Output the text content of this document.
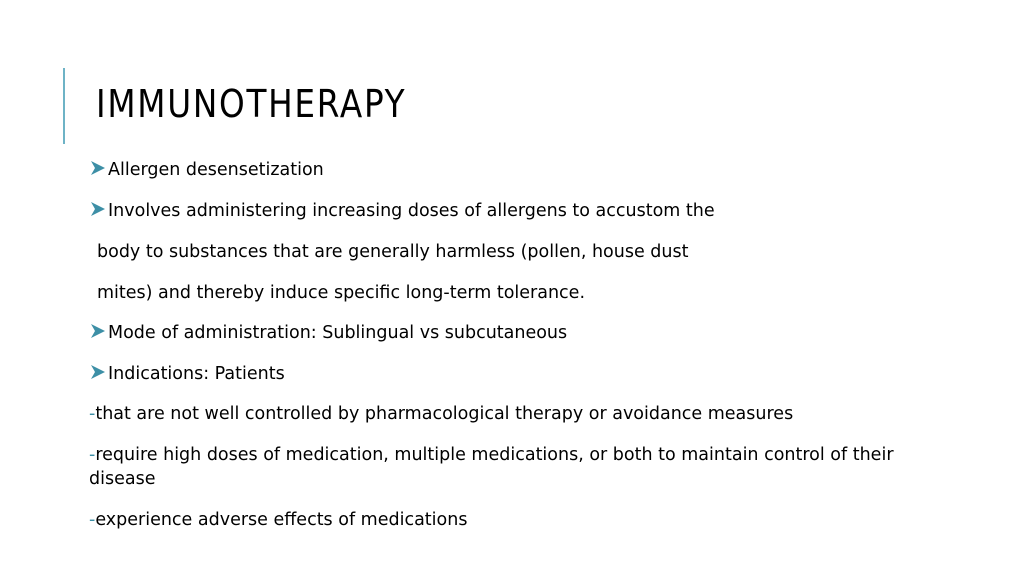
IMMUNOTHERAPY
Allergen desensetization
Involves administering increasing doses of allergens to accustom the
body to substances that are generally harmless (pollen, house dust
mites) and thereby induce specific long-term tolerance.
Mode of administration: Sublingual vs subcutaneous
Indications: Patients
-that are not well controlled by pharmacological therapy or avoidance measures
-require high doses of medication, multiple medications, or both to maintain control of their disease
-experience adverse effects of medications
